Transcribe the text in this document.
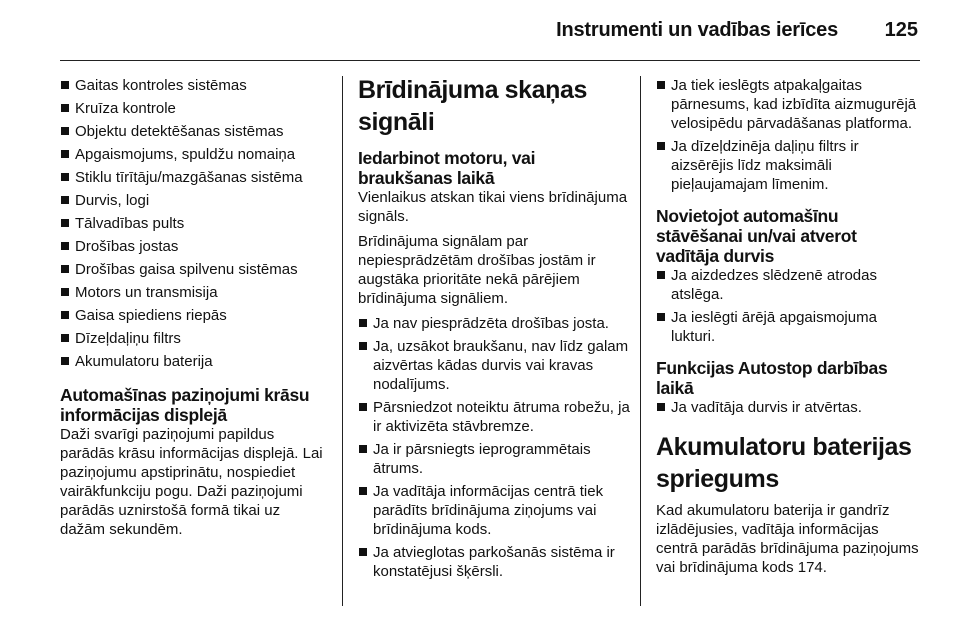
Instrumenti un vadības ierīces 125
Gaitas kontroles sistēmas
Kruīza kontrole
Objektu detektēšanas sistēmas
Apgaismojums, spuldžu nomaiņa
Stiklu tīrītāju/mazgāšanas sistēma
Durvis, logi
Tālvadības pults
Drošības jostas
Drošības gaisa spilvenu sistēmas
Motors un transmisija
Gaisa spiediens riepās
Dīzeļdaļiņu filtrs
Akumulatoru baterija
Automašīnas paziņojumi krāsu informācijas displejā

Daži svarīgi paziņojumi papildus parādās krāsu informācijas displejā. Lai paziņojumu apstiprinātu, nospiediet vairākfunkciju pogu. Daži paziņojumi parādās uznirstošā formā tikai uz dažām sekundēm.

Brīdinājuma skaņas signāli
Iedarbinot motoru, vai braukšanas laikā

Vienlaikus atskan tikai viens brīdinājuma signāls.

Brīdinājuma signālam par nepiesprādzētām drošības jostām ir augstāka prioritāte nekā pārējiem brīdinājuma signāliem.

Ja nav piesprādzēta drošības josta.
Ja, uzsākot braukšanu, nav līdz galam aizvērtas kādas durvis vai kravas nodalījums.
Pārsniedzot noteiktu ātruma robežu, ja ir aktivizēta stāvbremze.
Ja ir pārsniegts ieprogrammētais ātrums.
Ja vadītāja informācijas centrā tiek parādīts brīdinājuma ziņojums vai brīdinājuma kods.
Ja atvieglotas parkošanās sistēma ir konstatējusi šķērsli.
Ja tiek ieslēgts atpakaļgaitas pārnesums, kad izbīdīta aizmugurējā velosipēdu pārvadāšanas platforma.
Ja dīzeļdzinēja daļiņu filtrs ir aizsērējis līdz maksimāli pieļaujamajam līmenim.
Novietojot automašīnu stāvēšanai un/vai atverot vadītāja durvis
Ja aizdedzes slēdzenē atrodas atslēga.
Ja ieslēgti ārējā apgaismojuma lukturi.
Funkcijas Autostop darbības laikā
Ja vadītāja durvis ir atvērtas.
Akumulatoru baterijas spriegums

Kad akumulatoru baterija ir gandrīz izlādējusies, vadītāja informācijas centrā parādās brīdinājuma paziņojums vai brīdinājuma kods 174.
